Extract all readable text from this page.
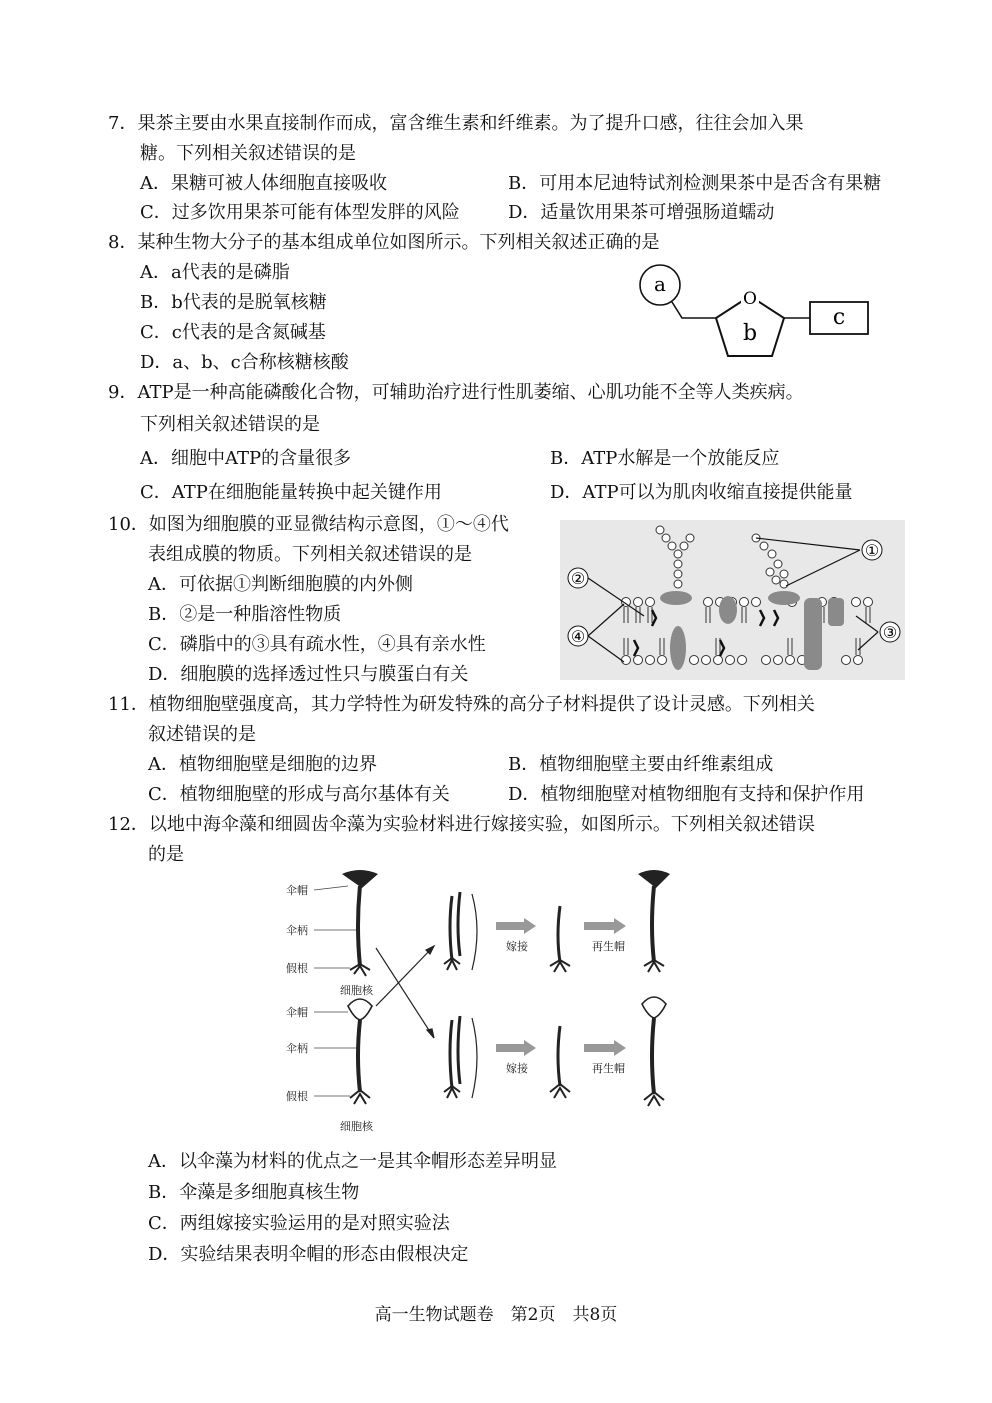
7．果茶主要由水果直接制作而成，富含维生素和纤维素。为了提升口感，往往会加入果
糖。下列相关叙述错误的是
A．果糖可被人体细胞直接吸收	B．可用本尼迪特试剂检测果茶中是否含有果糖
C．过多饮用果茶可能有体型发胖的风险	D．适量饮用果茶可增强肠道蠕动
8．某种生物大分子的基本组成单位如图所示。下列相关叙述正确的是
A．a代表的是磷脂
B．b代表的是脱氧核糖
C．c代表的是含氮碱基
D．a、b、c合称核糖核酸
a
O
b
c
9．ATP是一种高能磷酸化合物，可辅助治疗进行性肌萎缩、心肌功能不全等人类疾病。
下列相关叙述错误的是
A．细胞中ATP的含量很多	B．ATP水解是一个放能反应
C．ATP在细胞能量转换中起关键作用	D．ATP可以为肌肉收缩直接提供能量
10．如图为细胞膜的亚显微结构示意图，①～④代
表组成膜的物质。下列相关叙述错误的是
A．可依据①判断细胞膜的内外侧
B．②是一种脂溶性物质
C．磷脂中的③具有疏水性，④具有亲水性
D．细胞膜的选择透过性只与膜蛋白有关
①
②
④	③
11．植物细胞壁强度高，其力学特性为研发特殊的高分子材料提供了设计灵感。下列相关
叙述错误的是
A．植物细胞壁是细胞的边界	B．植物细胞壁主要由纤维素组成
C．植物细胞壁的形成与高尔基体有关	D．植物细胞壁对植物细胞有支持和保护作用
12．以地中海伞藻和细圆齿伞藻为实验材料进行嫁接实验，如图所示。下列相关叙述错误
的是
伞帽
伞柄
假根
细胞核
伞帽
伞柄
假根
细胞核
嫁接	再生帽
嫁接	再生帽
A．以伞藻为材料的优点之一是其伞帽形态差异明显
B．伞藻是多细胞真核生物
C．两组嫁接实验运用的是对照实验法
D．实验结果表明伞帽的形态由假根决定
高一生物试题卷　第2页　共8页
